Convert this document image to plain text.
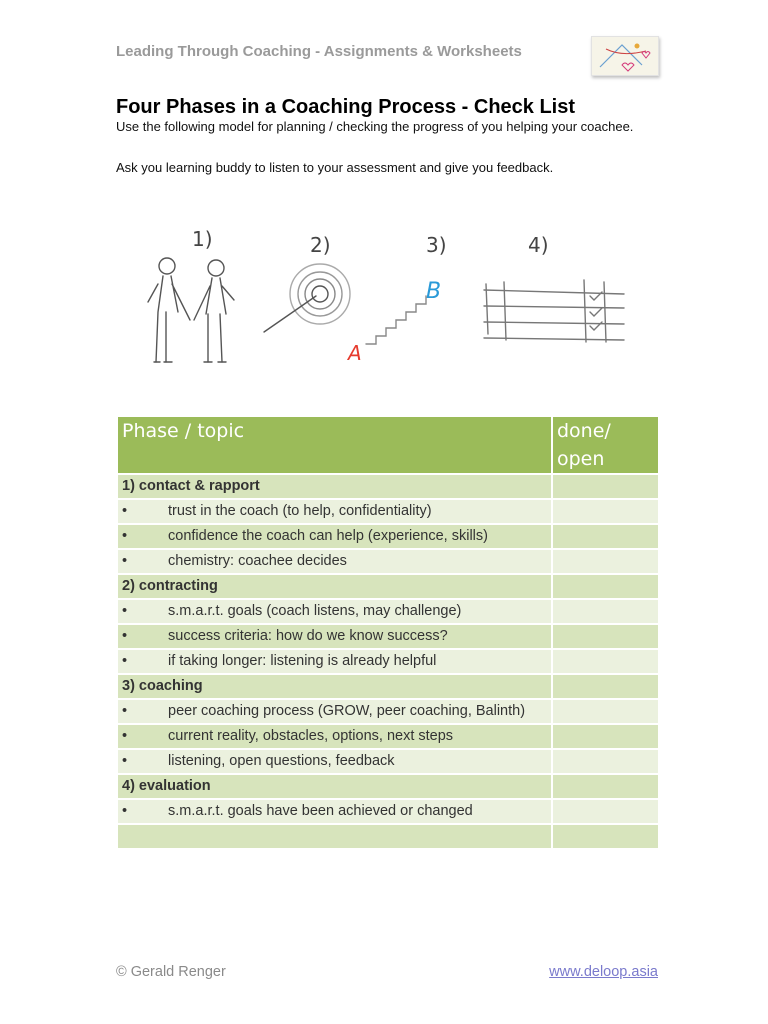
Leading Through Coaching - Assignments & Worksheets
Four Phases in a Coaching Process - Check List
Use the following model for planning / checking the progress of you helping your coachee.
Ask you learning buddy to listen to your assessment and give you feedback.
1)	2)	3)	4)
A
B
Phase / topic	done/
open
1) contact & rapport	
• trust in the coach (to help, confidentiality)	
• confidence the coach can help (experience, skills)	
• chemistry: coachee decides	
2) contracting	
• s.m.a.r.t. goals (coach listens, may challenge)	
• success criteria: how do we know success?	
• if taking longer: listening is already helpful	
3) coaching	
• peer coaching process (GROW, peer coaching, Balinth)	
• current reality, obstacles, options, next steps	
• listening, open questions, feedback	
4) evaluation	
• s.m.a.r.t. goals have been achieved or changed	

© Gerald Renger	www.deloop.asia
